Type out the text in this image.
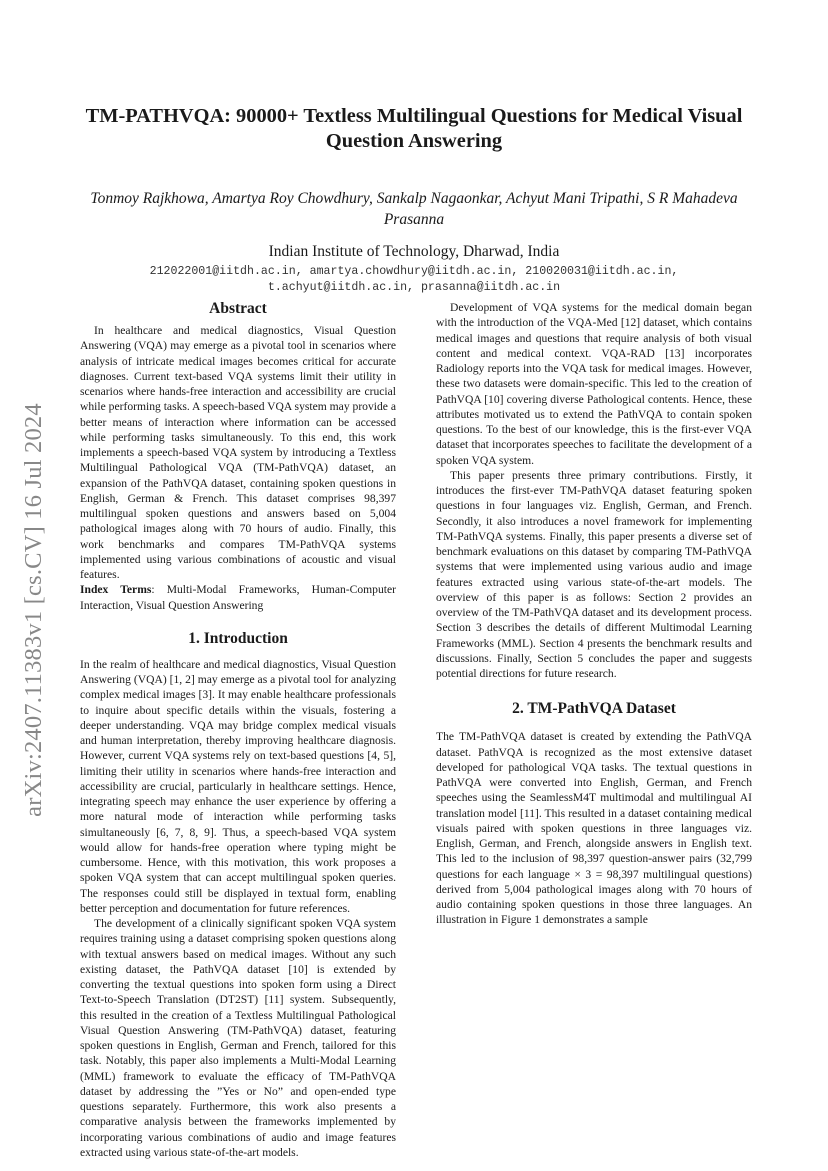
arXiv:2407.11383v1 [cs.CV] 16 Jul 2024
TM-PATHVQA: 90000+ Textless Multilingual Questions for Medical Visual Question Answering
Tonmoy Rajkhowa, Amartya Roy Chowdhury, Sankalp Nagaonkar, Achyut Mani Tripathi, S R Mahadeva Prasanna
Indian Institute of Technology, Dharwad, India
212022001@iitdh.ac.in, amartya.chowdhury@iitdh.ac.in, 210020031@iitdh.ac.in,
t.achyut@iitdh.ac.in, prasanna@iitdh.ac.in
Abstract

In healthcare and medical diagnostics, Visual Question Answering (VQA) may emerge as a pivotal tool in scenarios where analysis of intricate medical images becomes critical for accurate diagnoses. Current text-based VQA systems limit their utility in scenarios where hands-free interaction and accessibility are crucial while performing tasks. A speech-based VQA system may provide a better means of interaction where information can be accessed while performing tasks simultaneously. To this end, this work implements a speech-based VQA system by introducing a Textless Multilingual Pathological VQA (TM-PathVQA) dataset, an expansion of the PathVQA dataset, containing spoken questions in English, German & French. This dataset comprises 98,397 multilingual spoken questions and answers based on 5,004 pathological images along with 70 hours of audio. Finally, this work benchmarks and compares TM-PathVQA systems implemented using various combinations of acoustic and visual features.

Index Terms: Multi-Modal Frameworks, Human-Computer Interaction, Visual Question Answering

1. Introduction

In the realm of healthcare and medical diagnostics, Visual Question Answering (VQA) [1, 2] may emerge as a pivotal tool for analyzing complex medical images [3]. It may enable healthcare professionals to inquire about specific details within the visuals, fostering a deeper understanding. VQA may bridge complex medical visuals and human interpretation, thereby improving healthcare diagnosis. However, current VQA systems rely on text-based questions [4, 5], limiting their utility in scenarios where hands-free interaction and accessibility are crucial, particularly in healthcare settings. Hence, integrating speech may enhance the user experience by offering a more natural mode of interaction while performing tasks simultaneously [6, 7, 8, 9]. Thus, a speech-based VQA system would allow for hands-free operation where typing might be cumbersome. Hence, with this motivation, this work proposes a spoken VQA system that can accept multilingual spoken queries. The responses could still be displayed in textual form, enabling better perception and documentation for future references.

The development of a clinically significant spoken VQA system requires training using a dataset comprising spoken questions along with textual answers based on medical images. Without any such existing dataset, the PathVQA dataset [10] is extended by converting the textual questions into spoken form using a Direct Text-to-Speech Translation (DT2ST) [11] system. Subsequently, this resulted in the creation of a Textless Multilingual Pathological Visual Question Answering (TM-PathVQA) dataset, featuring spoken questions in English, German and French, tailored for this task. Notably, this paper also implements a Multi-Modal Learning (MML) framework to evaluate the efficacy of TM-PathVQA dataset by addressing the ”Yes or No” and open-ended type questions separately. Furthermore, this work also presents a comparative analysis between the frameworks implemented by incorporating various combinations of audio and image features extracted using various state-of-the-art models.

Development of VQA systems for the medical domain began with the introduction of the VQA-Med [12] dataset, which contains medical images and questions that require analysis of both visual content and medical context. VQA-RAD [13] incorporates Radiology reports into the VQA task for medical images. However, these two datasets were domain-specific. This led to the creation of PathVQA [10] covering diverse Pathological contents. Hence, these attributes motivated us to extend the PathVQA to contain spoken questions. To the best of our knowledge, this is the first-ever VQA dataset that incorporates speeches to facilitate the development of a spoken VQA system.

This paper presents three primary contributions. Firstly, it introduces the first-ever TM-PathVQA dataset featuring spoken questions in four languages viz. English, German, and French. Secondly, it also introduces a novel framework for implementing TM-PathVQA systems. Finally, this paper presents a diverse set of benchmark evaluations on this dataset by comparing TM-PathVQA systems that were implemented using various audio and image features extracted using various state-of-the-art models. The overview of this paper is as follows: Section 2 provides an overview of the TM-PathVQA dataset and its development process. Section 3 describes the details of different Multimodal Learning Frameworks (MML). Section 4 presents the benchmark results and discussions. Finally, Section 5 concludes the paper and suggests potential directions for future research.

2. TM-PathVQA Dataset

The TM-PathVQA dataset is created by extending the PathVQA dataset. PathVQA is recognized as the most extensive dataset developed for pathological VQA tasks. The textual questions in PathVQA were converted into English, German, and French speeches using the SeamlessM4T multimodal and multilingual AI translation model [11]. This resulted in a dataset containing medical visuals paired with spoken questions in three languages viz. English, German, and French, alongside answers in English text. This led to the inclusion of 98,397 question-answer pairs (32,799 questions for each language × 3 = 98,397 multilingual questions) derived from 5,004 pathological images along with 70 hours of audio containing spoken questions in those three languages. An illustration in Figure 1 demonstrates a sample
